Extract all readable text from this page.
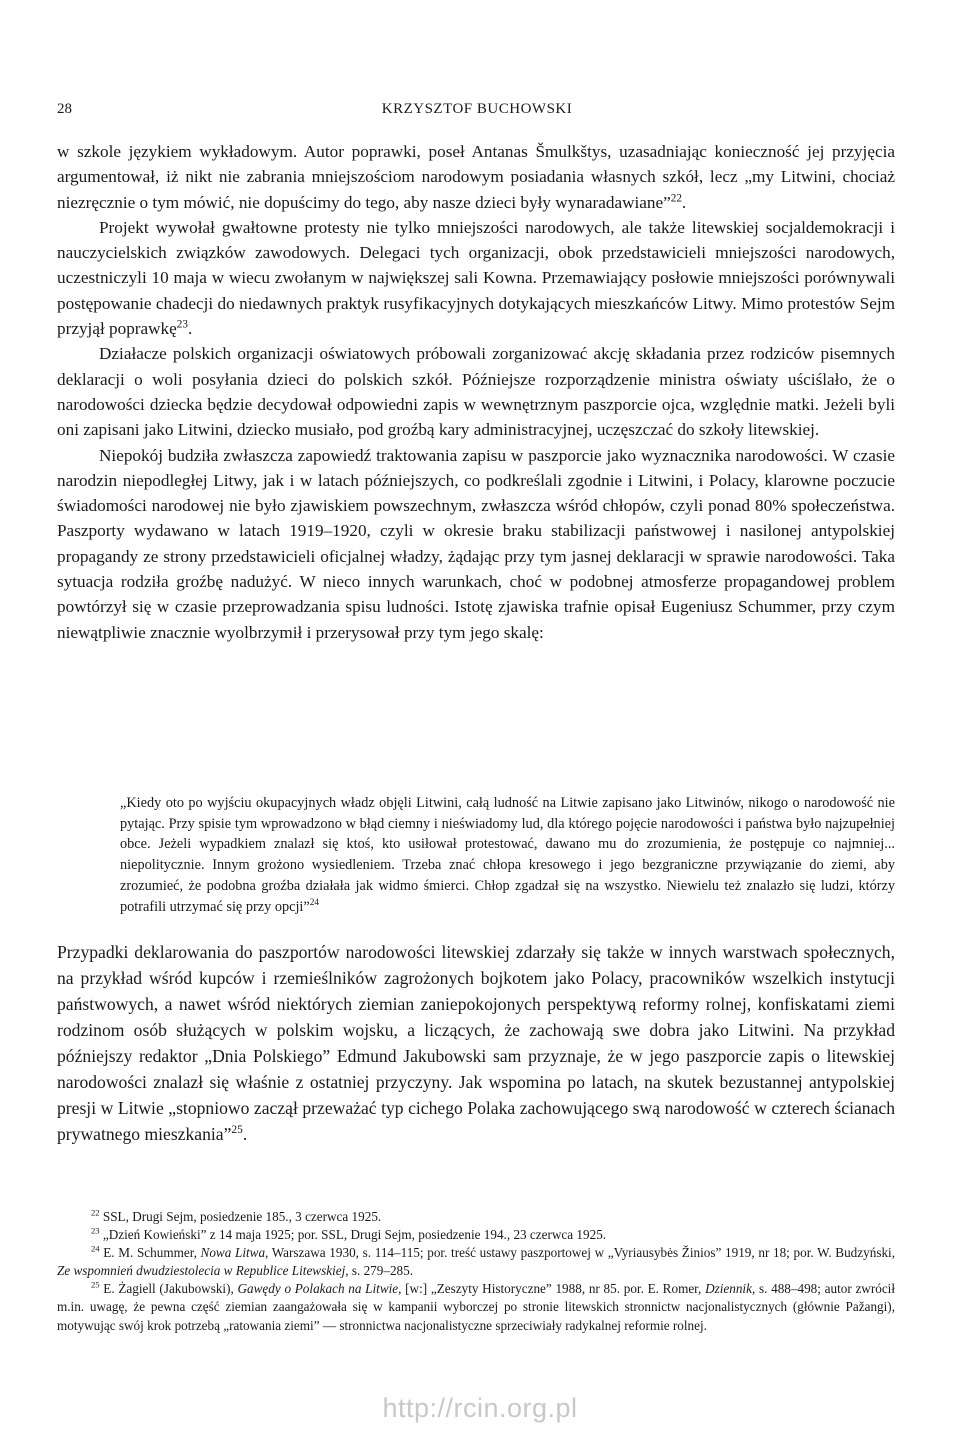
28	KRZYSZTOF BUCHOWSKI

w szkole językiem wykładowym. Autor poprawki, poseł Antanas Šmulkštys, uzasadniając konieczność jej przyjęcia argumentował, iż nikt nie zabrania mniejszościom narodowym posiadania własnych szkół, lecz „my Litwini, chociaż niezręcznie o tym mówić, nie dopuścimy do tego, aby nasze dzieci były wynaradawiane”$^{22}$.

Projekt wywołał gwałtowne protesty nie tylko mniejszości narodowych, ale także litewskiej socjaldemokracji i nauczycielskich związków zawodowych. Delegaci tych organizacji, obok przedstawicieli mniejszości narodowych, uczestniczyli 10 maja w wiecu zwołanym w największej sali Kowna. Przemawiający posłowie mniejszości porównywali postępowanie chadecji do niedawnych praktyk rusyfikacyjnych dotykających mieszkańców Litwy. Mimo protestów Sejm przyjął poprawkę$^{23}$.

Działacze polskich organizacji oświatowych próbowali zorganizować akcję składania przez rodziców pisemnych deklaracji o woli posyłania dzieci do polskich szkół. Późniejsze rozporządzenie ministra oświaty uściślało, że o narodowości dziecka będzie decydował odpowiedni zapis w wewnętrznym paszporcie ojca, względnie matki. Jeżeli byli oni zapisani jako Litwini, dziecko musiało, pod groźbą kary administracyjnej, uczęszczać do szkoły litewskiej.

Niepokój budziła zwłaszcza zapowiedź traktowania zapisu w paszporcie jako wyznacznika narodowości. W czasie narodzin niepodległej Litwy, jak i w latach późniejszych, co podkreślali zgodnie i Litwini, i Polacy, klarowne poczucie świadomości narodowej nie było zjawiskiem powszechnym, zwłaszcza wśród chłopów, czyli ponad 80% społeczeństwa. Paszporty wydawano w latach 1919–1920, czyli w okresie braku stabilizacji państwowej i nasilonej antypolskiej propagandy ze strony przedstawicieli oficjalnej władzy, żądając przy tym jasnej deklaracji w sprawie narodowości. Taka sytuacja rodziła groźbę nadużyć. W nieco innych warunkach, choć w podobnej atmosferze propagandowej problem powtórzył się w czasie przeprowadzania spisu ludności. Istotę zjawiska trafnie opisał Eugeniusz Schummer, przy czym niewątpliwie znacznie wyolbrzymił i przerysował przy tym jego skalę:

„Kiedy oto po wyjściu okupacyjnych władz objęli Litwini, całą ludność na Litwie zapisano jako Litwinów, nikogo o narodowość nie pytając. Przy spisie tym wprowadzono w błąd ciemny i nieświadomy lud, dla którego pojęcie narodowości i państwa było najzupełniej obce. Jeżeli wypadkiem znalazł się ktoś, kto usiłował protestować, dawano mu do zrozumienia, że postępuje co najmniej... niepolitycznie. Innym grożono wysiedleniem. Trzeba znać chłopa kresowego i jego bezgraniczne przywiązanie do ziemi, aby zrozumieć, że podobna groźba działała jak widmo śmierci. Chłop zgadzał się na wszystko. Niewielu też znalazło się ludzi, którzy potrafili utrzymać się przy opcji”$^{24}$
Przypadki deklarowania do paszportów narodowości litewskiej zdarzały się także w innych warstwach społecznych, na przykład wśród kupców i rzemieślników zagrożonych bojkotem jako Polacy, pracowników wszelkich instytucji państwowych, a nawet wśród niektórych ziemian zaniepokojonych perspektywą reformy rolnej, konfiskatami ziemi rodzinom osób służących w polskim wojsku, a liczących, że zachowają swe dobra jako Litwini. Na przykład późniejszy redaktor „Dnia Polskiego” Edmund Jakubowski sam przyznaje, że w jego paszporcie zapis o litewskiej narodowości znalazł się właśnie z ostatniej przyczyny. Jak wspomina po latach, na skutek bezustannej antypolskiej presji w Litwie „stopniowo zaczął przeważać typ cichego Polaka zachowującego swą narodowość w czterech ścianach prywatnego mieszkania”$^{25}$.

$^{22}$ SSL, Drugi Sejm, posiedzenie 185., 3 czerwca 1925.

$^{23}$ „Dzień Kowieński” z 14 maja 1925; por. SSL, Drugi Sejm, posiedzenie 194., 23 czerwca 1925.

$^{24}$ E. M. Schummer, Nowa Litwa, Warszawa 1930, s. 114–115; por. treść ustawy paszportowej w „Vyriausybės Žinios” 1919, nr 18; por. W. Budzyński, Ze wspomnień dwudziestolecia w Republice Litewskiej, s. 279–285.

$^{25}$ E. Żagiell (Jakubowski), Gawędy o Polakach na Litwie, [w:] „Zeszyty Historyczne” 1988, nr 85. por. E. Romer, Dziennik, s. 488–498; autor zwrócił m.in. uwagę, że pewna część ziemian zaangażowała się w kampanii wyborczej po stronie litewskich stronnictw nacjonalistycznych (głównie Pažangi), motywując swój krok potrzebą „ratowania ziemi” — stronnictwa nacjonalistyczne sprzeciwiały radykalnej reformie rolnej.

http://rcin.org.pl
